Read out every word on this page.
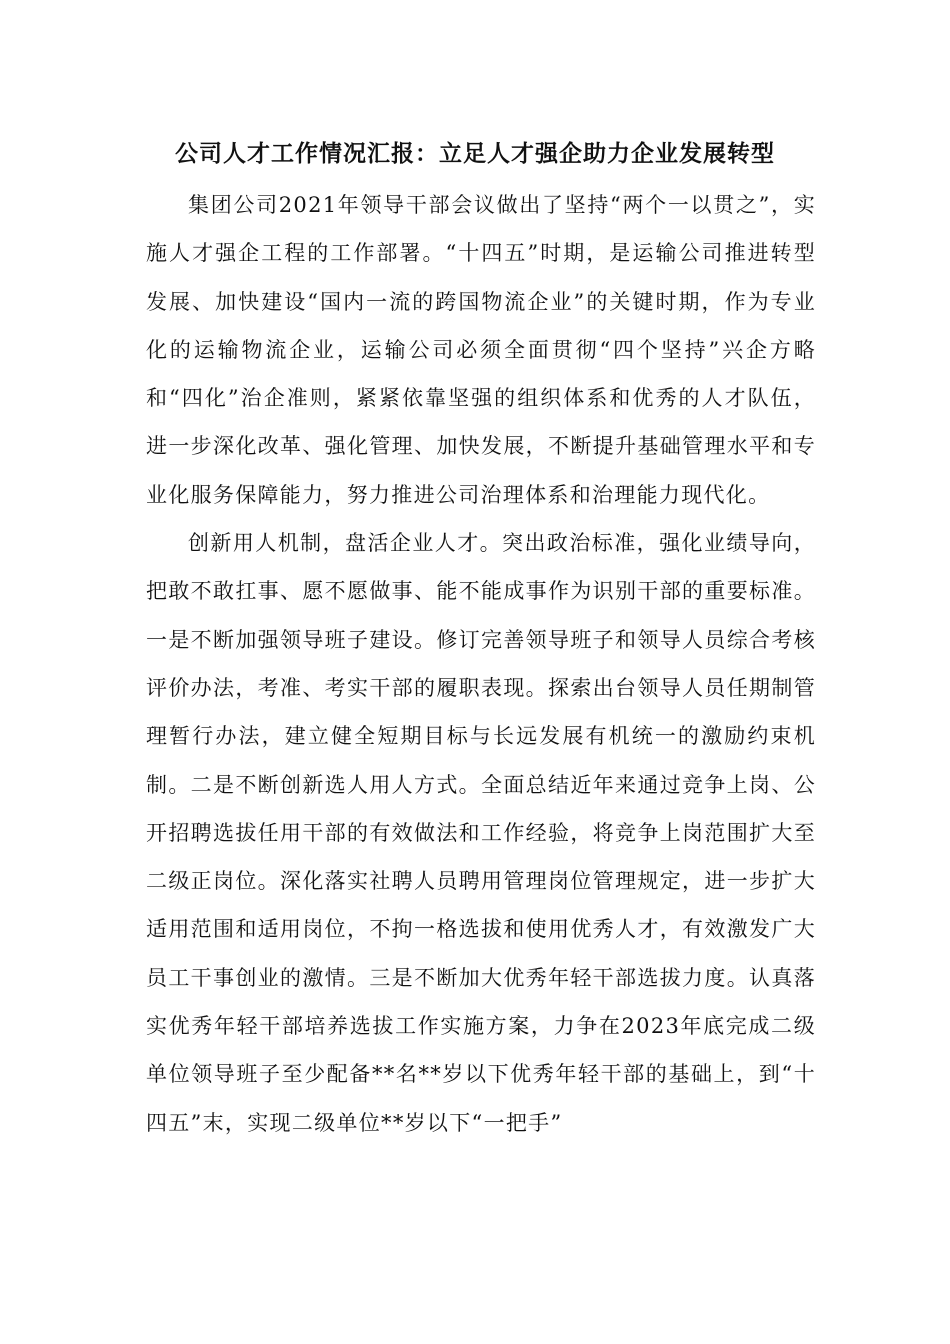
公司人才工作情况汇报：立足人才强企助力企业发展转型

集团公司2021年领导干部会议做出了坚持“两个一以贯之”，实施人才强企工程的工作部署。“十四五”时期，是运输公司推进转型发展、加快建设“国内一流的跨国物流企业”的关键时期，作为专业化的运输物流企业，运输公司必须全面贯彻“四个坚持”兴企方略和“四化”治企准则，紧紧依靠坚强的组织体系和优秀的人才队伍，进一步深化改革、强化管理、加快发展，不断提升基础管理水平和专业化服务保障能力，努力推进公司治理体系和治理能力现代化。

创新用人机制，盘活企业人才。突出政治标准，强化业绩导向，把敢不敢扛事、愿不愿做事、能不能成事作为识别干部的重要标准。一是不断加强领导班子建设。修订完善领导班子和领导人员综合考核评价办法，考准、考实干部的履职表现。探索出台领导人员任期制管理暂行办法，建立健全短期目标与长远发展有机统一的激励约束机制。二是不断创新选人用人方式。全面总结近年来通过竞争上岗、公开招聘选拔任用干部的有效做法和工作经验，将竞争上岗范围扩大至二级正岗位。深化落实社聘人员聘用管理岗位管理规定，进一步扩大适用范围和适用岗位，不拘一格选拔和使用优秀人才，有效激发广大员工干事创业的激情。三是不断加大优秀年轻干部选拔力度。认真落实优秀年轻干部培养选拔工作实施方案，力争在2023年底完成二级单位领导班子至少配备**名**岁以下优秀年轻干部的基础上，到“十四五”末，实现二级单位**岁以下“一把手”
